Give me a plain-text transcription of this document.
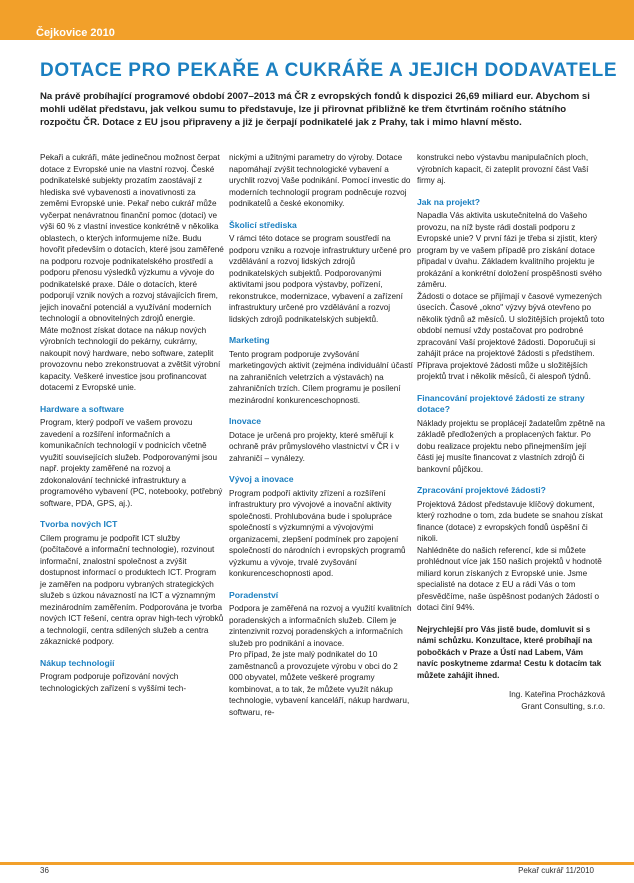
Čejkovice 2010
DOTACE PRO PEKAŘE A CUKRÁŘE A JEJICH DODAVATELE

Na právě probíhající programové období 2007–2013 má ČR z evropských fondů k dispozici 26,69 miliard eur. Abychom si mohli udělat představu, jak velkou sumu to představuje, lze ji přirovnat přibližně ke třem čtvrtinám ročního státního rozpočtu ČR. Dotace z EU jsou připraveny a již je čerpají podnikatelé jak z Prahy, tak i mimo hlavní město.

Pekaři a cukráři, máte jedinečnou možnost čerpat dotace z Evropské unie na vlastní rozvoj. České podnikatelské subjekty prozatím zaostávají z hlediska své vybavenosti a inovativnosti za zeměmi Evropské unie. Pekař nebo cukrář může vyčerpat nenávratnou finanční pomoc (dotaci) ve výši 60 % z vlastní investice konkrétně v několika oblastech, o kterých informujeme níže. Budu hovořit především o dotacích, které jsou zaměřené na podporu rozvoje podnikatelského prostředí a podporu přenosu výsledků výzkumu a vývoje do podnikatelské praxe. Dále o dotacích, které podporují vznik nových a rozvoj stávajících firem, jejich inovační potenciál a využívání moderních technologií a obnovitelných zdrojů energie.

Máte možnost získat dotace na nákup nových výrobních technologií do pekárny, cukrárny, nakoupit nový hardware, nebo software, zateplit provozovnu nebo zrekonstruovat a zvětšit výrobní kapacity. Veškeré investice jsou profinancovat dotacemi z Evropské unie.

Hardware a software

Program, který podpoří ve vašem provozu zavedení a rozšíření informačních a komunikačních technologií v podnicích včetně využití souvisejících služeb. Podporovanými jsou např. projekty zaměřené na rozvoj a zdokonalování technické infrastruktury a programového vybavení (PC, notebooky, potřebný software, PDA, GPS, aj.).

Tvorba nových ICT

Cílem programu je podpořit ICT služby (počítačové a informační technologie), rozvinout informační, znalostní společnost a zvýšit dostupnost informací o produktech ICT. Program je zaměřen na podporu vybraných strategických služeb s úzkou návazností na ICT a významným mezinárodním zaměřením. Podporována je tvorba nových ICT řešení, centra oprav high-tech výrobků a technologií, centra sdílených služeb a centra zákaznické podpory.

Nákup technologií

Program podporuje pořizování nových technologických zařízení s vyššími tech-

nickými a užitnými parametry do výroby. Dotace napomáhají zvýšit technologické vybavení a urychlit rozvoj Vaše podnikání. Pomocí investic do moderních technologií program podněcuje rozvoj podnikatelů a české ekonomiky.

Školicí střediska

V rámci této dotace se program soustředí na podporu vzniku a rozvoje infrastruktury určené pro vzdělávání a rozvoj lidských zdrojů podnikatelských subjektů. Podporovanými aktivitami jsou podpora výstavby, pořízení, rekonstrukce, modernizace, vybavení a zařízení infrastruktury určené pro vzdělávání a rozvoj lidských zdrojů podnikatelských subjektů.

Marketing

Tento program podporuje zvyšování marketingových aktivit (zejména individuální účastí na zahraničních veletrzích a výstavách) na zahraničních trzích. Cílem programu je posílení mezinárodní konkurenceschopnosti.

Inovace

Dotace je určená pro projekty, které směřují k ochraně práv průmyslového vlastnictví v ČR i v zahraničí – vynálezy.

Vývoj a inovace

Program podpoří aktivity zřízení a rozšíření infrastruktury pro vývojové a inovační aktivity společnosti. Prohlubována bude i spolupráce společností s výzkumnými a vývojovými organizacemi, zlepšení podmínek pro zapojení společností do národních i evropských programů výzkumu a vývoje, trvalé zvyšování konkurenceschopnosti apod.

Poradenství

Podpora je zaměřená na rozvoj a využití kvalitních poradenských a informačních služeb. Cílem je zintenzivnit rozvoj poradenských a informačních služeb pro podnikání a inovace.

Pro případ, že jste malý podnikatel do 10 zaměstnanců a provozujete výrobu v obci do 2 000 obyvatel, můžete veškeré programy kombinovat, a to tak, že můžete využít nákup technologie, vybavení kanceláří, nákup hardwaru, softwaru, re-

konstrukci nebo výstavbu manipulačních ploch, výrobních kapacit, či zateplit provozní část Vaší firmy aj.

Jak na projekt?

Napadla Vás aktivita uskutečnitelná do Vašeho provozu, na níž byste rádi dostali podporu z Evropské unie? V první fázi je třeba si zjistit, který program by ve vašem případě pro získání dotace připadal v úvahu. Základem kvalitního projektu je prokázání a konkrétní doložení prospěšnosti svého záměru.

Žádosti o dotace se přijímají v časové vymezených úsecích. Časové „okno" výzvy bývá otevřeno po několik týdnů až měsíců. U složitějších projektů toto období nemusí vždy postačovat pro podrobné zpracování Vaší projektové žádosti. Doporučuji si zahájit práce na projektové žádosti s předstihem. Příprava projektové žádosti může u složitějších projektů trvat i několik měsíců, či alespoň týdnů.

Financování projektové žádosti ze strany dotace?

Náklady projektu se proplácejí žadatelům zpětně na základě předložených a proplacených faktur. Po dobu realizace projektu nebo přinejmenším její části jej musíte financovat z vlastních zdrojů či bankovní půjčkou.

Zpracování projektové žádosti?

Projektová žádost představuje klíčový dokument, který rozhodne o tom, zda budete se snahou získat finance (dotace) z evropských fondů úspěšní či nikoli.

Nahlédněte do našich referencí, kde si můžete prohlédnout více jak 150 našich projektů v hodnotě miliard korun získaných z Evropské unie. Jsme specialisté na dotace z EU a rádi Vás o tom přesvědčíme, naše úspěšnost podaných žádostí o dotaci činí 94%.

Nejrychlejší pro Vás jistě bude, domluvit si s námi schůzku. Konzultace, které probíhají na pobočkách v Praze a Ústí nad Labem, Vám navíc poskytneme zdarma! Cestu k dotacím tak můžete zahájit ihned.

Ing. Kateřina Procházková
Grant Consulting, s.r.o.
36	Pekař cukrář 11/2010
